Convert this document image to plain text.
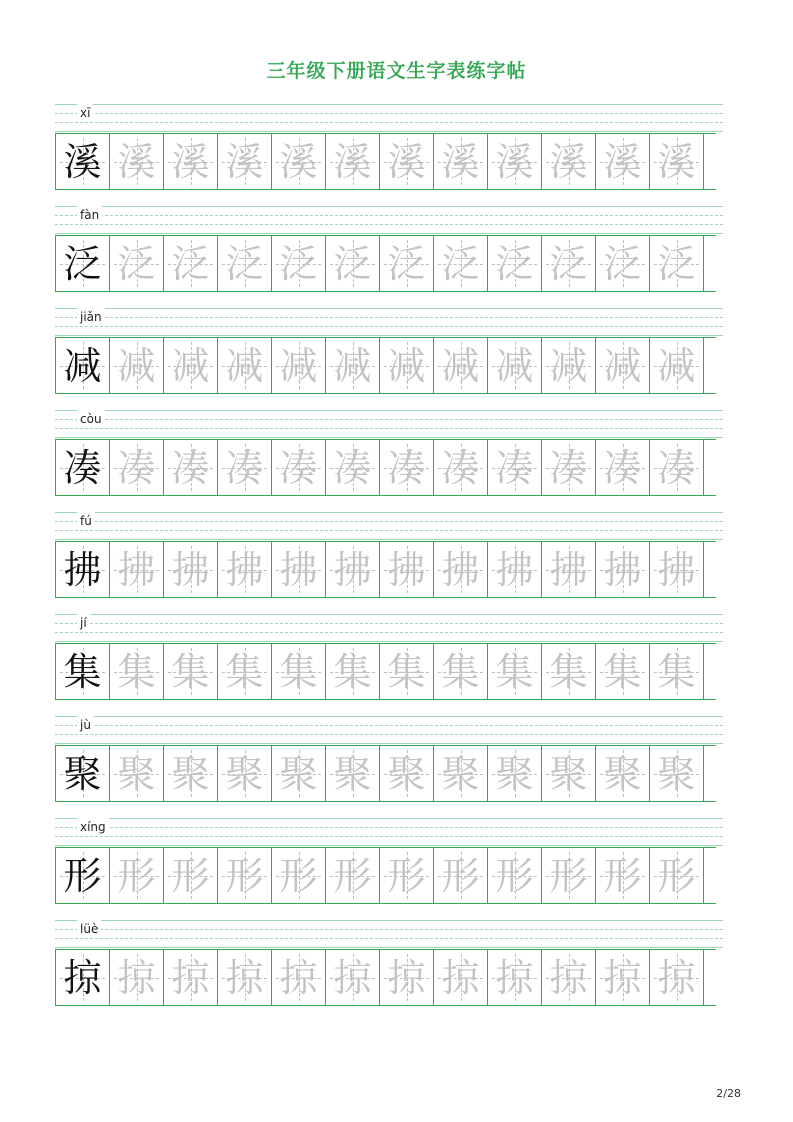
三年级下册语文生字表练字帖
xī
溪 溪 溪 溪 溪 溪 溪 溪 溪 溪 溪 溪
fàn
泛 泛 泛 泛 泛 泛 泛 泛 泛 泛 泛 泛
jiǎn
减 减 减 减 减 减 减 减 减 减 减 减
còu
凑 凑 凑 凑 凑 凑 凑 凑 凑 凑 凑 凑
fú
拂 拂 拂 拂 拂 拂 拂 拂 拂 拂 拂 拂
jí
集 集 集 集 集 集 集 集 集 集 集 集
jù
聚 聚 聚 聚 聚 聚 聚 聚 聚 聚 聚 聚
xíng
形 形 形 形 形 形 形 形 形 形 形 形
lüè
掠 掠 掠 掠 掠 掠 掠 掠 掠 掠 掠 掠
2/28
